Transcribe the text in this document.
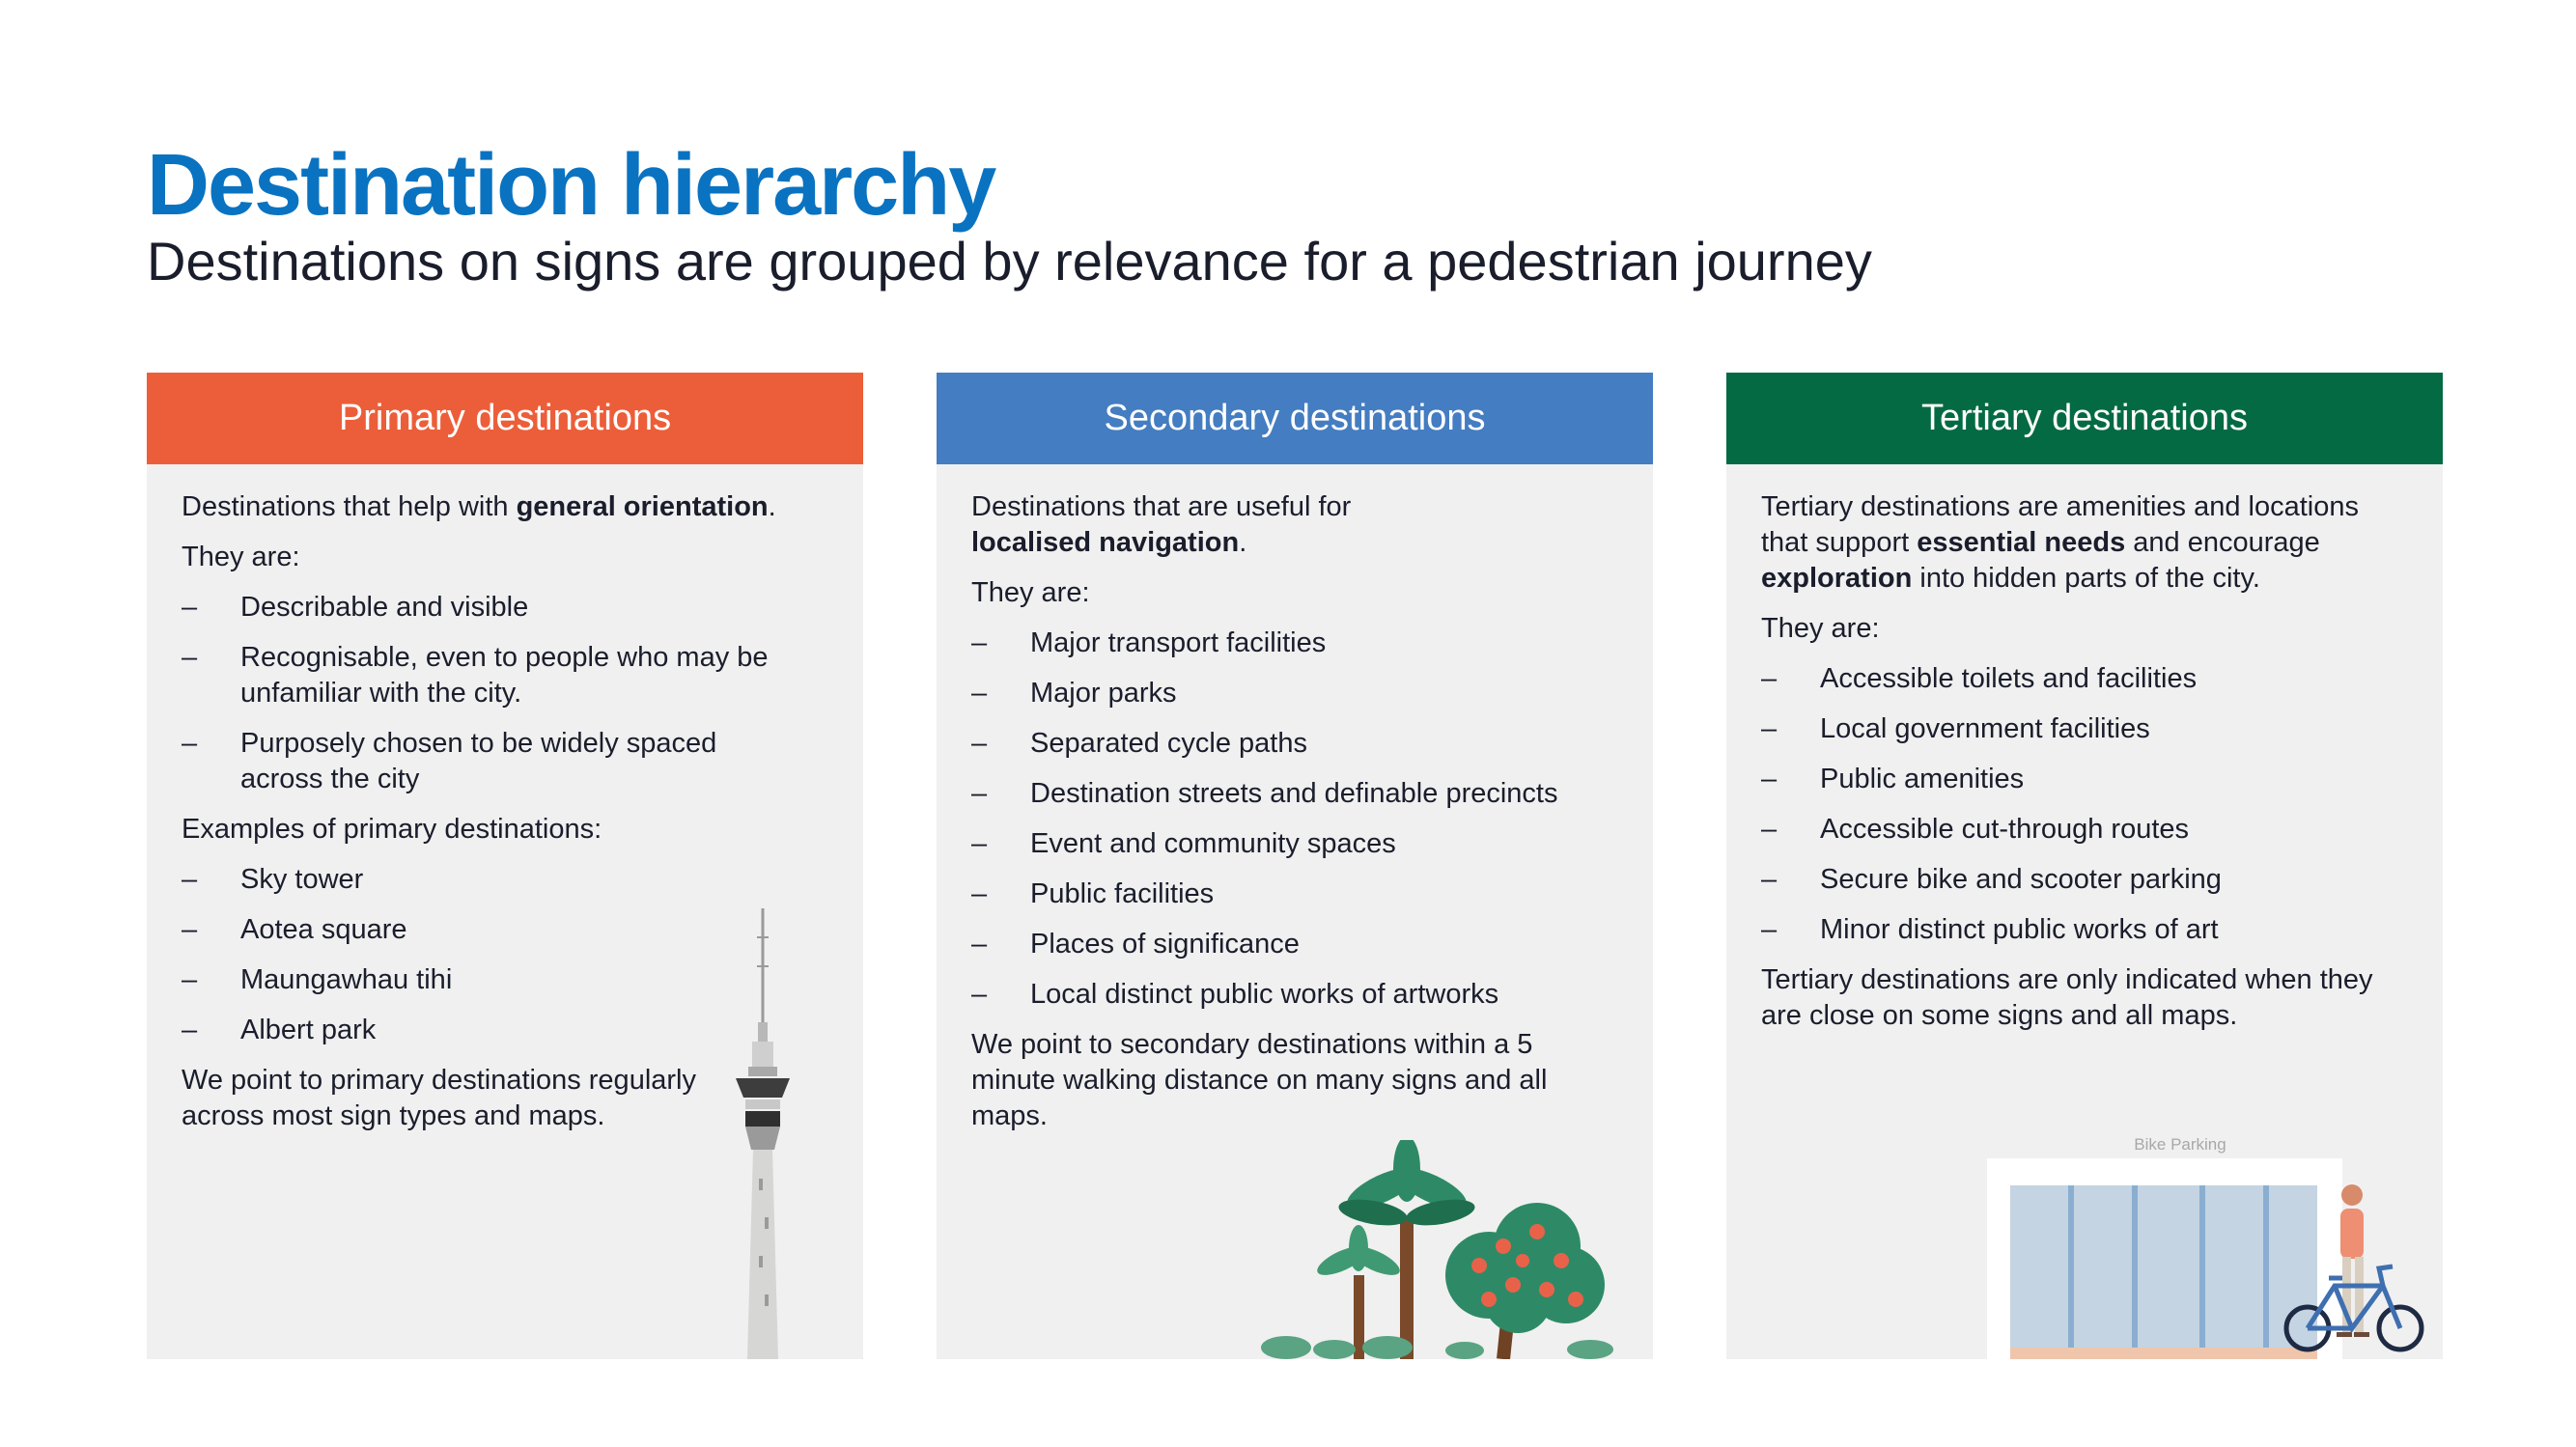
Destination hierarchy
Destinations on signs are grouped by relevance for a pedestrian journey
Primary destinations

Destinations that help with general orientation.

They are:

–	Describable and visible
–	Recognisable, even to people who may be unfamiliar with the city.
–	Purposely chosen to be widely spaced across the city

Examples of primary destinations:

–	Sky tower
–	Aotea square
–	Maungawhau tihi
–	Albert park

We point to primary destinations regularly across most sign types and maps.

Secondary destinations

Destinations that are useful for localised navigation.

They are:

–	Major transport facilities
–	Major parks
–	Separated cycle paths
–	Destination streets and definable precincts
–	Event and community spaces
–	Public facilities
–	Places of significance
–	Local distinct public works of artworks

We point to secondary destinations within a 5 minute walking distance on many signs and all maps.

Tertiary destinations

Tertiary destinations are amenities and locations that support essential needs and encourage exploration into hidden parts of the city.

They are:

–	Accessible toilets and facilities
–	Local government facilities
–	Public amenities
–	Accessible cut-through routes
–	Secure bike and scooter parking
–	Minor distinct public works of art

Tertiary destinations are only indicated when they are close on some signs and all maps.

Bike Parking
